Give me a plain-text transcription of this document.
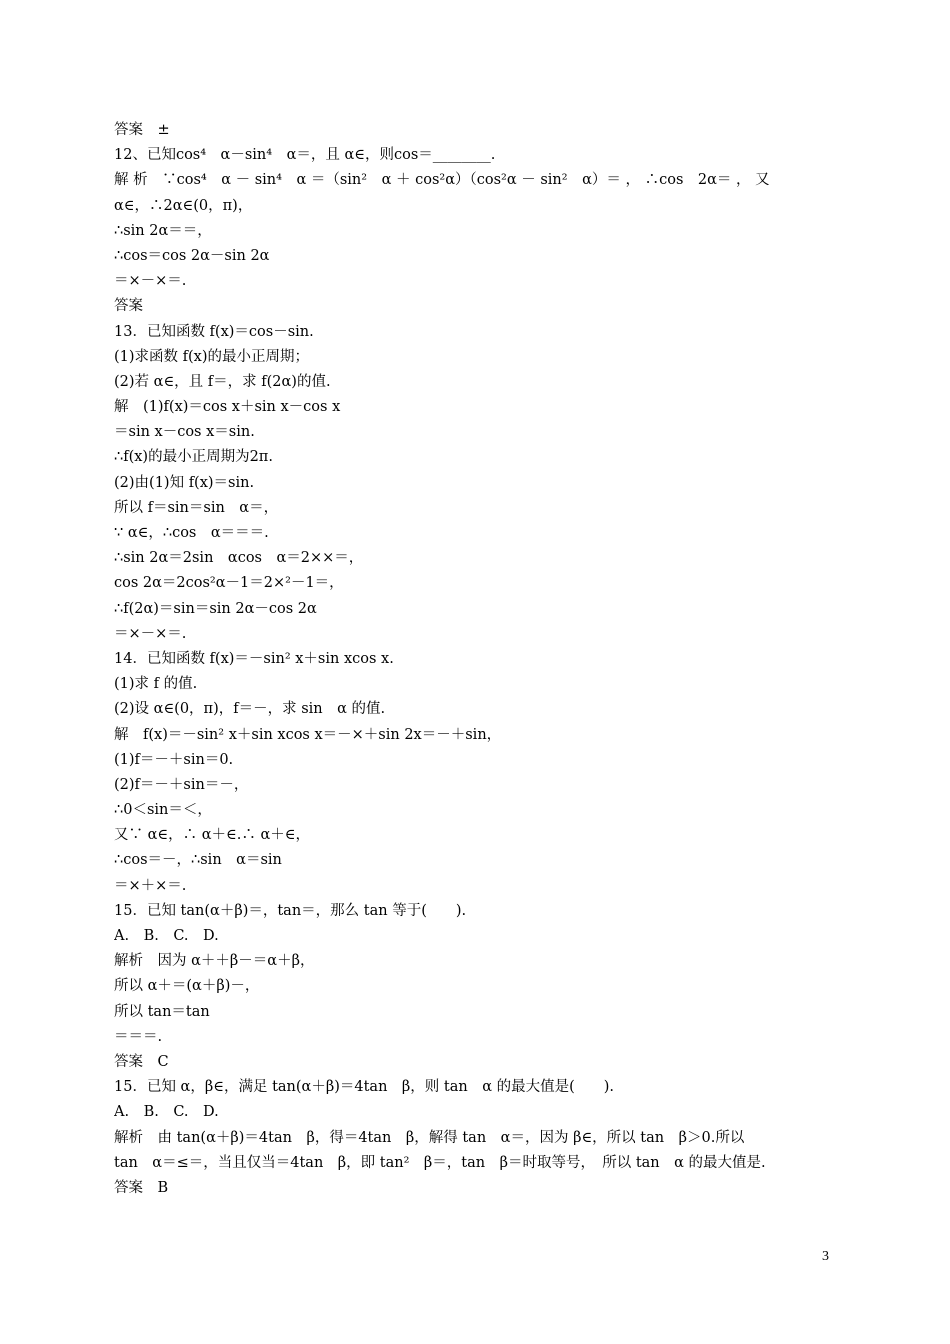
答案　±
12、已知cos⁴　α－sin⁴　α＝，且 α∈，则cos＝________.
解 析　∵cos⁴　α － sin⁴　α ＝（sin²　α ＋ cos²α）（cos²α － sin²　α）＝ ， ∴cos　2α＝ ， 又
α∈，∴2α∈(0，π)，
∴sin 2α＝＝，
∴cos＝cos 2α－sin 2α
＝×－×＝.
答案
13．已知函数 f(x)＝cos－sin.
(1)求函数 f(x)的最小正周期；
(2)若 α∈，且 f＝，求 f(2α)的值.
解　(1)f(x)＝cos x＋sin x－cos x
＝sin x－cos x＝sin.
∴f(x)的最小正周期为2π.
(2)由(1)知 f(x)＝sin.
所以 f＝sin＝sin　α＝，
∵ α∈，∴cos　α＝＝＝.
∴sin 2α＝2sin　αcos　α＝2××＝，
cos 2α＝2cos²α－1＝2×²－1＝，
∴f(2α)＝sin＝sin 2α－cos 2α
＝×－×＝.
14．已知函数 f(x)＝－sin² x＋sin xcos x.
(1)求 f 的值.
(2)设 α∈(0，π)，f＝－，求 sin　α 的值.
解　f(x)＝－sin² x＋sin xcos x＝－×＋sin 2x＝－＋sin，
(1)f＝－＋sin＝0.
(2)f＝－＋sin＝－，
∴0＜sin＝＜，
又∵ α∈，∴ α＋∈.∴ α＋∈，
∴cos＝－，∴sin　α＝sin
＝×＋×＝.
15．已知 tan(α＋β)＝，tan＝，那么 tan 等于(　　).
A.　B.　C.　D.
解析　因为 α＋＋β－＝α＋β，
所以 α＋＝(α＋β)－，
所以 tan＝tan
＝＝＝.
答案　C
15．已知 α，β∈，满足 tan(α＋β)＝4tan　β，则 tan　α 的最大值是(　　).
A.　B.　C.　D.
解析　由 tan(α＋β)＝4tan　β，得＝4tan　β，解得 tan　α＝，因为 β∈，所以 tan　β＞0.所以
tan　α＝≤＝，当且仅当＝4tan　β，即 tan²　β＝，tan　β＝时取等号，　所以 tan　α 的最大值是.
答案　B
3
